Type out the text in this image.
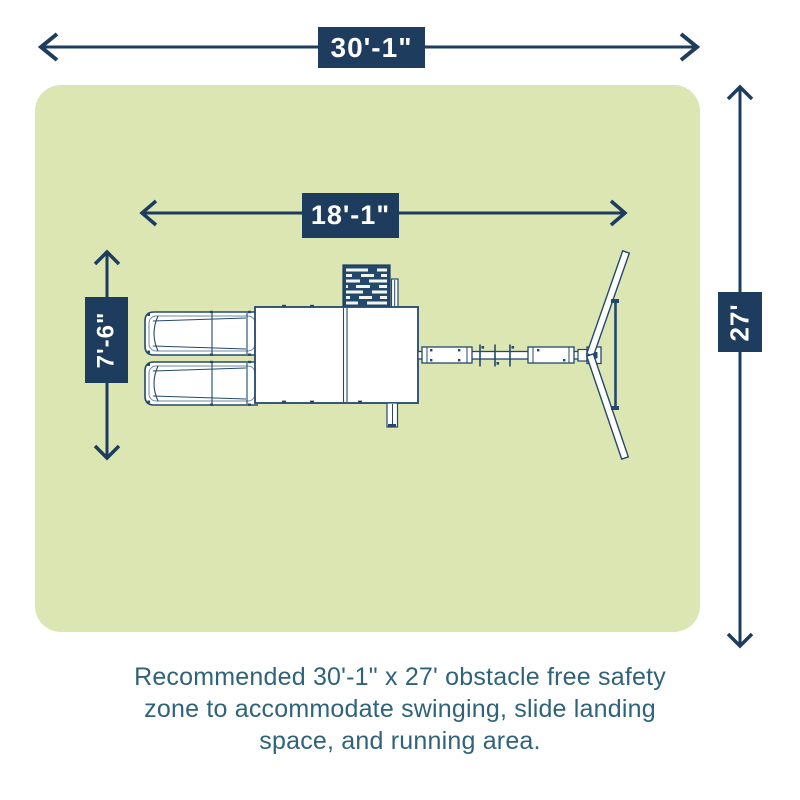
30'-1"
18'-1"
7'-6"	27'
Recommended 30'-1" x 27' obstacle free safety
zone to accommodate swinging, slide landing
space, and running area.
